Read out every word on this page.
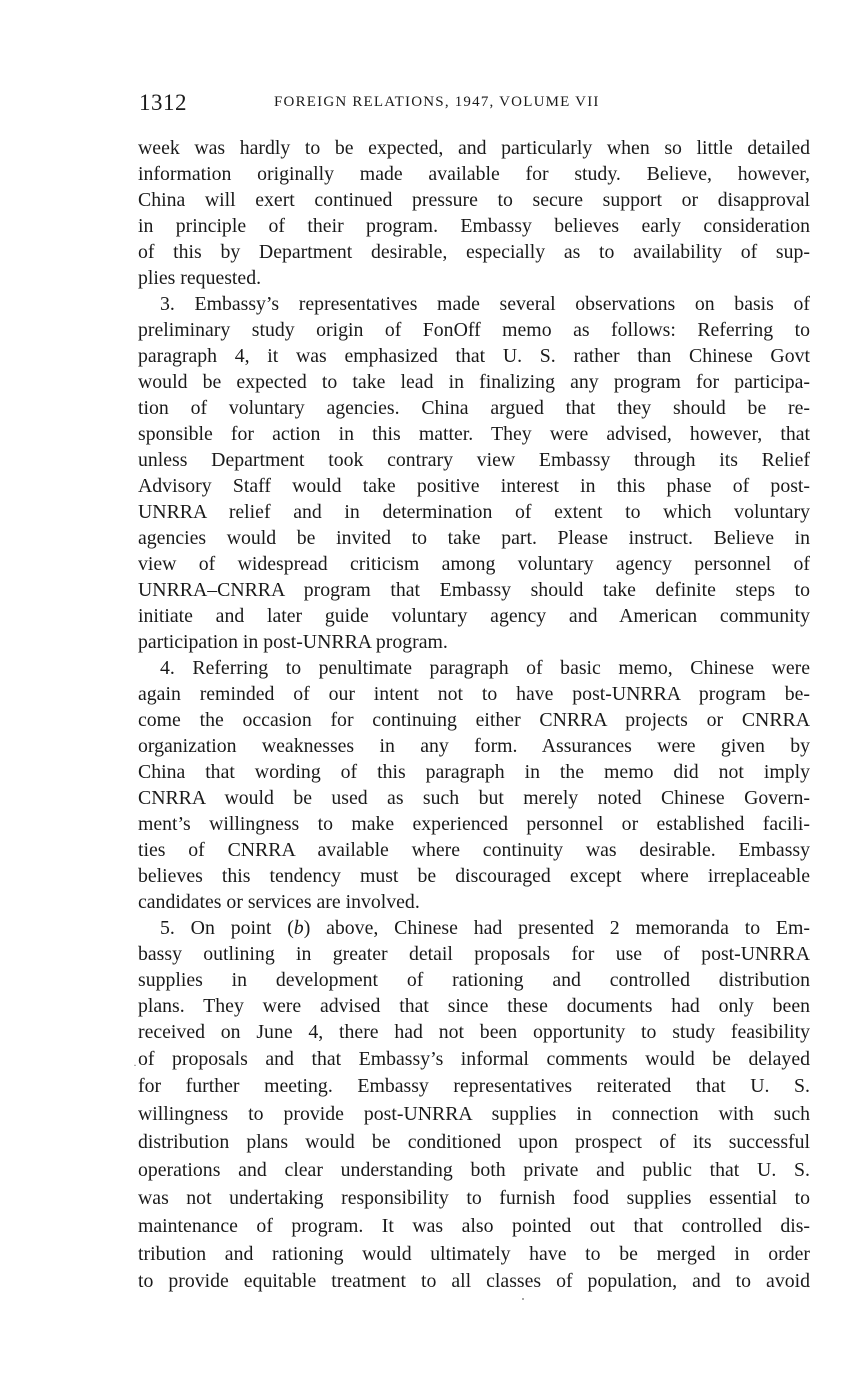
1312	FOREIGN RELATIONS, 1947, VOLUME VII
week was hardly to be expected, and particularly when so little detailed
information originally made available for study. Believe, however,
China will exert continued pressure to secure support or disapproval
in principle of their program. Embassy believes early consideration
of this by Department desirable, especially as to availability of sup-
plies requested.
3. Embassy’s representatives made several observations on basis of
preliminary study origin of FonOff memo as follows: Referring to
paragraph 4, it was emphasized that U. S. rather than Chinese Govt
would be expected to take lead in finalizing any program for participa-
tion of voluntary agencies. China argued that they should be re-
sponsible for action in this matter. They were advised, however, that
unless Department took contrary view Embassy through its Relief
Advisory Staff would take positive interest in this phase of post-
UNRRA relief and in determination of extent to which voluntary
agencies would be invited to take part. Please instruct. Believe in
view of widespread criticism among voluntary agency personnel of
UNRRA–CNRRA program that Embassy should take definite steps to
initiate and later guide voluntary agency and American community
participation in post-UNRRA program.
4. Referring to penultimate paragraph of basic memo, Chinese were
again reminded of our intent not to have post-UNRRA program be-
come the occasion for continuing either CNRRA projects or CNRRA
organization weaknesses in any form. Assurances were given by
China that wording of this paragraph in the memo did not imply
CNRRA would be used as such but merely noted Chinese Govern-
ment’s willingness to make experienced personnel or established facili-
ties of CNRRA available where continuity was desirable. Embassy
believes this tendency must be discouraged except where irreplaceable
candidates or services are involved.
5. On point (b) above, Chinese had presented 2 memoranda to Em-
bassy outlining in greater detail proposals for use of post-UNRRA
supplies in development of rationing and controlled distribution
plans. They were advised that since these documents had only been
received on June 4, there had not been opportunity to study feasibility
of proposals and that Embassy’s informal comments would be delayed
for further meeting. Embassy representatives reiterated that U. S.
willingness to provide post-UNRRA supplies in connection with such
distribution plans would be conditioned upon prospect of its successful
operations and clear understanding both private and public that U. S.
was not undertaking responsibility to furnish food supplies essential to
maintenance of program. It was also pointed out that controlled dis-
tribution and rationing would ultimately have to be merged in order
to provide equitable treatment to all classes of population, and to avoid
·
